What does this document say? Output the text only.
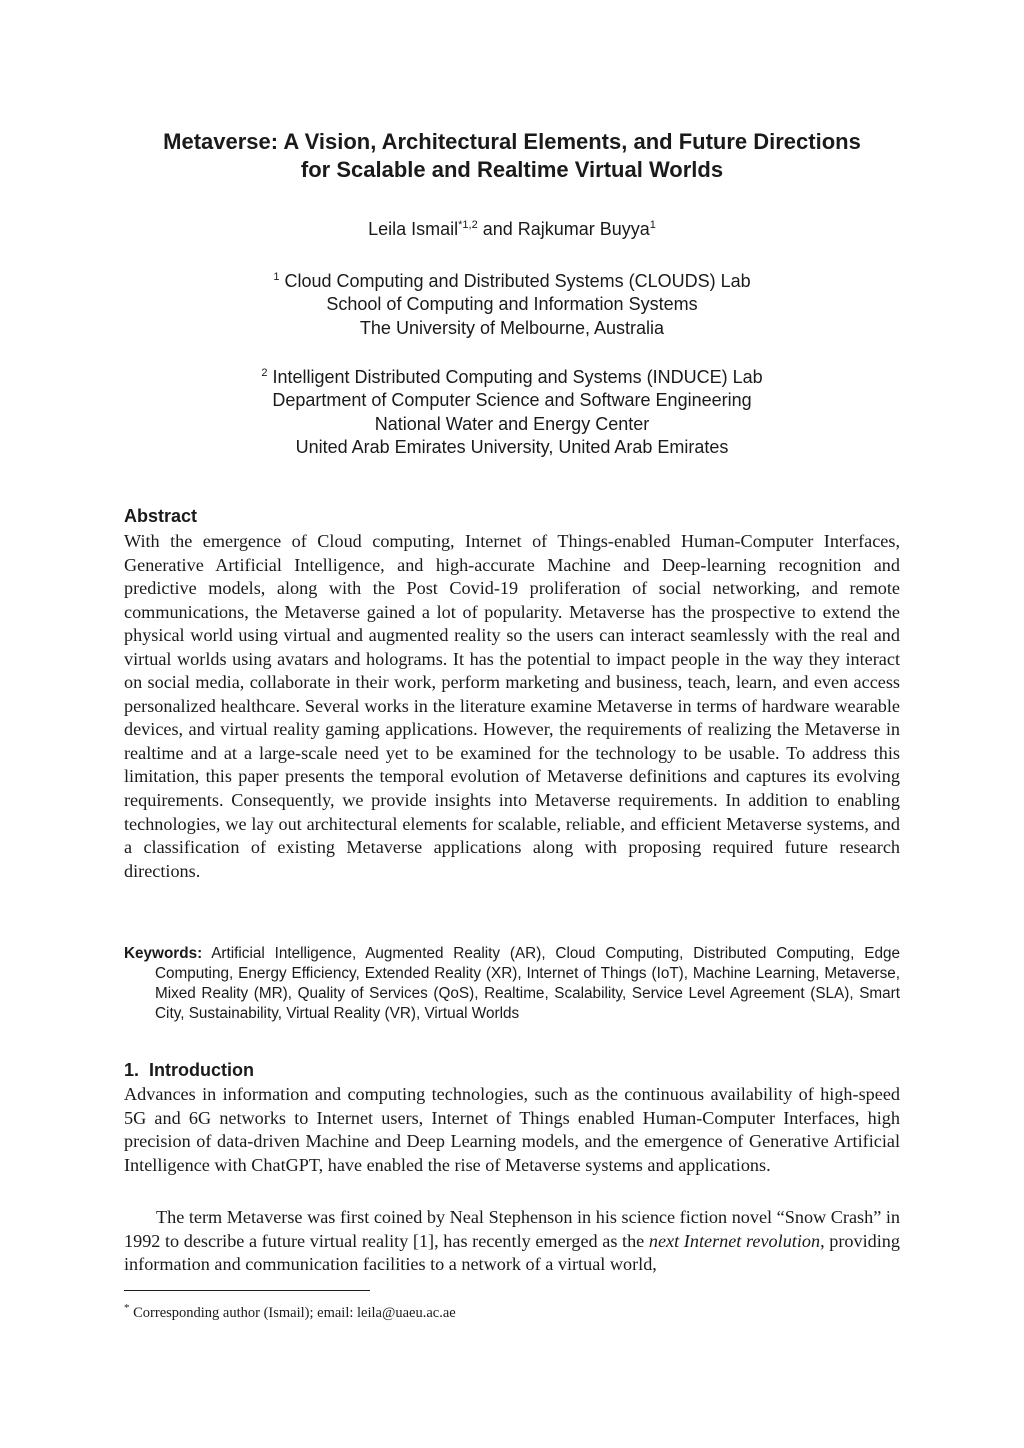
Metaverse: A Vision, Architectural Elements, and Future Directions
for Scalable and Realtime Virtual Worlds
Leila Ismail$^{*1,2}$ and Rajkumar Buyya$^1$
$^1$ Cloud Computing and Distributed Systems (CLOUDS) Lab
School of Computing and Information Systems
The University of Melbourne, Australia
$^2$ Intelligent Distributed Computing and Systems (INDUCE) Lab
Department of Computer Science and Software Engineering
National Water and Energy Center
United Arab Emirates University, United Arab Emirates
Abstract

With the emergence of Cloud computing, Internet of Things-enabled Human-Computer Interfaces, Generative Artificial Intelligence, and high-accurate Machine and Deep-learning recognition and predictive models, along with the Post Covid-19 proliferation of social networking, and remote communications, the Metaverse gained a lot of popularity. Metaverse has the prospective to extend the physical world using virtual and augmented reality so the users can interact seamlessly with the real and virtual worlds using avatars and holograms. It has the potential to impact people in the way they interact on social media, collaborate in their work, perform marketing and business, teach, learn, and even access personalized healthcare. Several works in the literature examine Metaverse in terms of hardware wearable devices, and virtual reality gaming applications. However, the requirements of realizing the Metaverse in realtime and at a large-scale need yet to be examined for the technology to be usable. To address this limitation, this paper presents the temporal evolution of Metaverse definitions and captures its evolving requirements. Consequently, we provide insights into Metaverse requirements. In addition to enabling technologies, we lay out architectural elements for scalable, reliable, and efficient Metaverse systems, and a classification of existing Metaverse applications along with proposing required future research directions.

Keywords: Artificial Intelligence, Augmented Reality (AR), Cloud Computing, Distributed Computing, Edge Computing, Energy Efficiency, Extended Reality (XR), Internet of Things (IoT), Machine Learning, Metaverse, Mixed Reality (MR), Quality of Services (QoS), Realtime, Scalability, Service Level Agreement (SLA), Smart City, Sustainability, Virtual Reality (VR), Virtual Worlds

1.  Introduction

Advances in information and computing technologies, such as the continuous availability of high-speed 5G and 6G networks to Internet users, Internet of Things enabled Human-Computer Interfaces, high precision of data-driven Machine and Deep Learning models, and the emergence of Generative Artificial Intelligence with ChatGPT, have enabled the rise of Metaverse systems and applications.

The term Metaverse was first coined by Neal Stephenson in his science fiction novel “Snow Crash” in 1992 to describe a future virtual reality [1], has recently emerged as the next Internet revolution, providing information and communication facilities to a network of a virtual world,

* Corresponding author (Ismail); email: leila@uaeu.ac.ae
